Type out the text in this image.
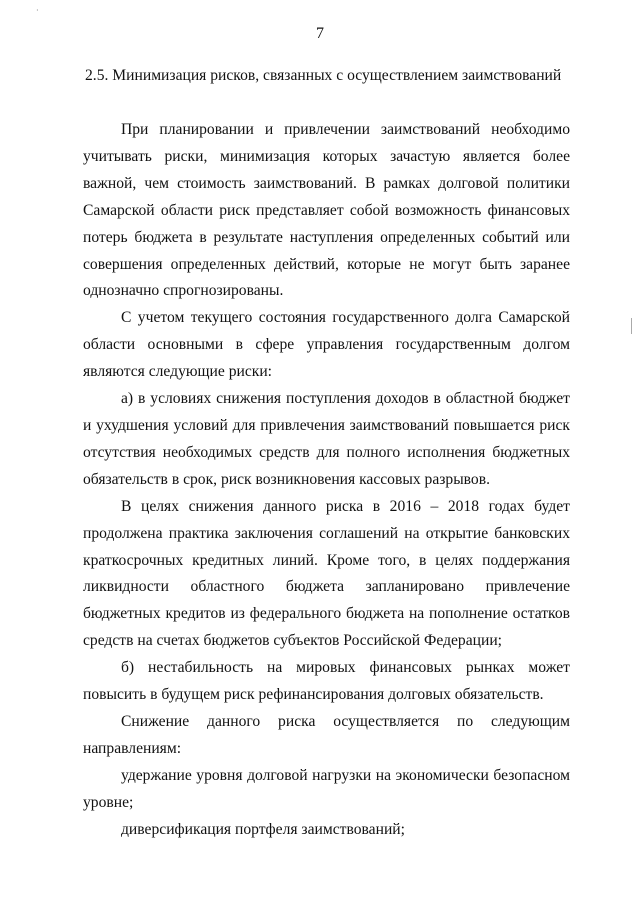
·
7
2.5. Минимизация рисков, связанных с осуществлением заимствований

При планировании и привлечении заимствований необходимо учитывать риски, минимизация которых зачастую является более важной, чем стоимость заимствований. В рамках долговой политики Самарской области риск представляет собой возможность финансовых потерь бюджета в результате наступления определенных событий или совершения определенных действий, которые не могут быть заранее однозначно спрогнозированы.

С учетом текущего состояния государственного долга Самарской области основными в сфере управления государственным долгом являются следующие риски:

а) в условиях снижения поступления доходов в областной бюджет и ухудшения условий для привлечения заимствований повышается риск отсутствия необходимых средств для полного исполнения бюджетных обязательств в срок, риск возникновения кассовых разрывов.

В целях снижения данного риска в 2016 – 2018 годах будет продолжена практика заключения соглашений на открытие банковских краткосрочных кредитных линий. Кроме того, в целях поддержания ликвидности областного бюджета запланировано привлечение бюджетных кредитов из федерального бюджета на пополнение остатков средств на счетах бюджетов субъектов Российской Федерации;

б) нестабильность на мировых финансовых рынках может повысить в будущем риск рефинансирования долговых обязательств.

Снижение данного риска осуществляется по следующим направлениям:

удержание уровня долговой нагрузки на экономически безопасном уровне;

диверсификация портфеля заимствований;
